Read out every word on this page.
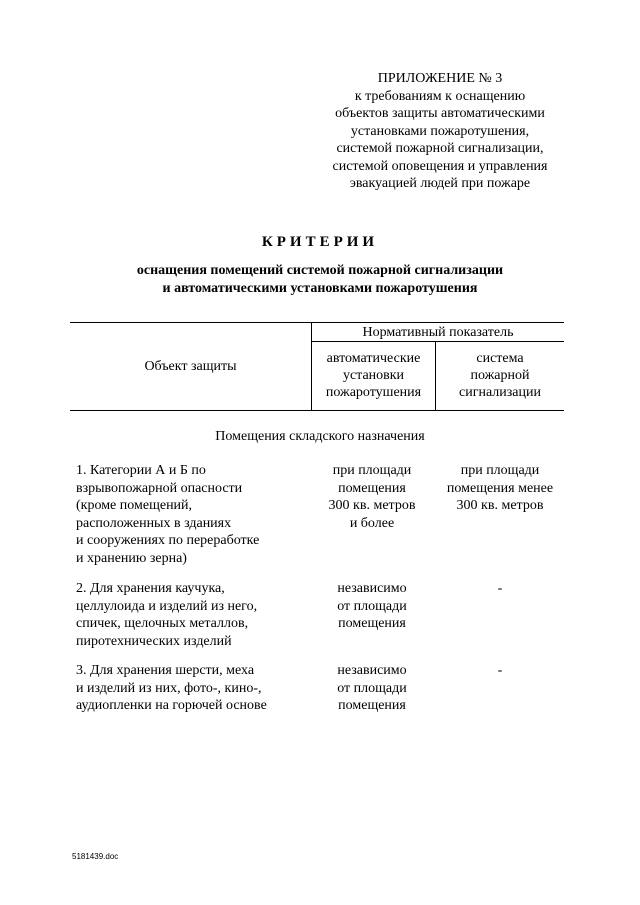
ПРИЛОЖЕНИЕ № 3
к требованиям к оснащению
объектов защиты автоматическими
установками пожаротушения,
системой пожарной сигнализации,
системой оповещения и управления
эвакуацией людей при пожаре
КРИТЕРИИ
оснащения помещений системой пожарной сигнализации
и автоматическими установками пожаротушения
Объект защиты
Нормативный показатель
автоматические
установки
пожаротушения
система
пожарной
сигнализации
Помещения складского назначения
1. Категории А и Б по
взрывопожарной опасности
(кроме помещений,
расположенных в зданиях
и сооружениях по переработке
и хранению зерна)
при площади
помещения
300 кв. метров
и более
при площади
помещения менее
300 кв. метров
2. Для хранения каучука,
целлулоида и изделий из него,
спичек, щелочных металлов,
пиротехнических изделий
независимо
от площади
помещения
-
3. Для хранения шерсти, меха
и изделий из них, фото-, кино-,
аудиопленки на горючей основе
независимо
от площади
помещения
-
5181439.doc
